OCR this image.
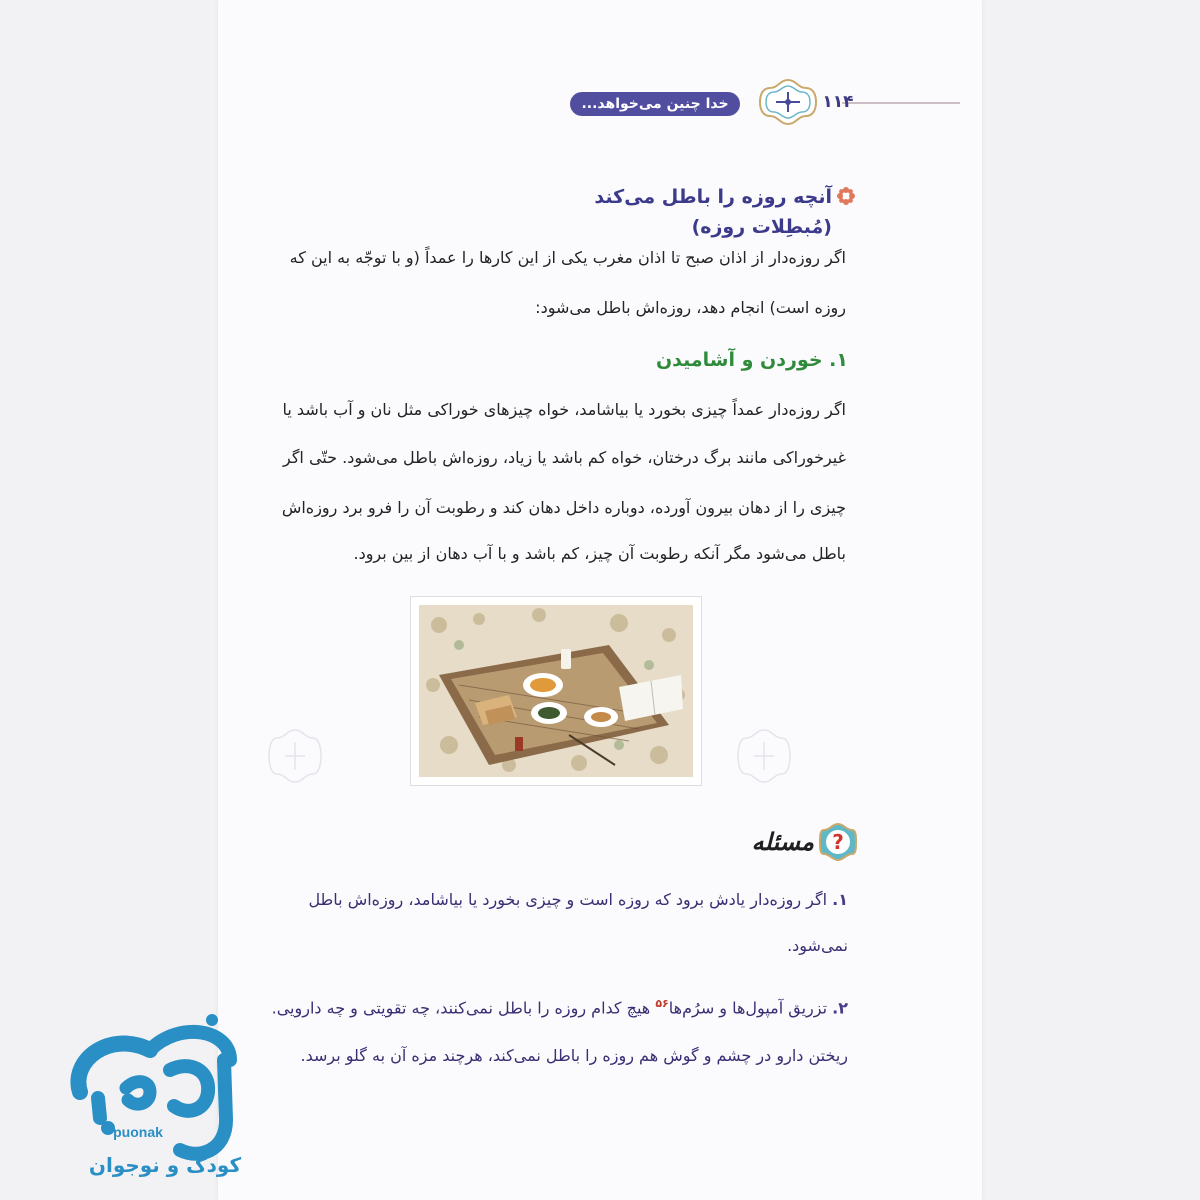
۱۱۴
خدا چنین می‌خواهد...
آنچه روزه را باطل می‌کند (مُبطِلات روزه)
اگر روزه‌دار از اذان صبح تا اذان مغرب یکی از این کارها را عمداً (و با توجّه به این که
روزه است) انجام دهد، روزه‌اش باطل می‌شود:
۱. خوردن و آشامیدن
اگر روزه‌دار عمداً چیزی بخورد یا بیاشامد، خواه چیزهای خوراکی مثل نان و آب باشد یا
غیرخوراکی مانند برگ درختان، خواه کم باشد یا زیاد، روزه‌اش باطل می‌شود. حتّی اگر
چیزی را از دهان بیرون آورده، دوباره داخل دهان کند و رطوبت آن را فرو برد روزه‌اش
باطل می‌شود مگر آنکه رطوبت آن چیز، کم باشد و با آب دهان از بین برود.
?
مسئله
۱. اگر روزه‌دار یادش برود که روزه است و چیزی بخورد یا بیاشامد، روزه‌اش باطل
نمی‌شود.
۲. تزریق آمپول‌ها و سرُم‌ها$^{۵۶}$ هیچ کدام روزه را باطل نمی‌کنند، چه تقویتی و چه دارویی.
ریختن دارو در چشم و گوش هم روزه را باطل نمی‌کند، هرچند مزه آن به گلو برسد.
puonak
کودک و نوجوان
